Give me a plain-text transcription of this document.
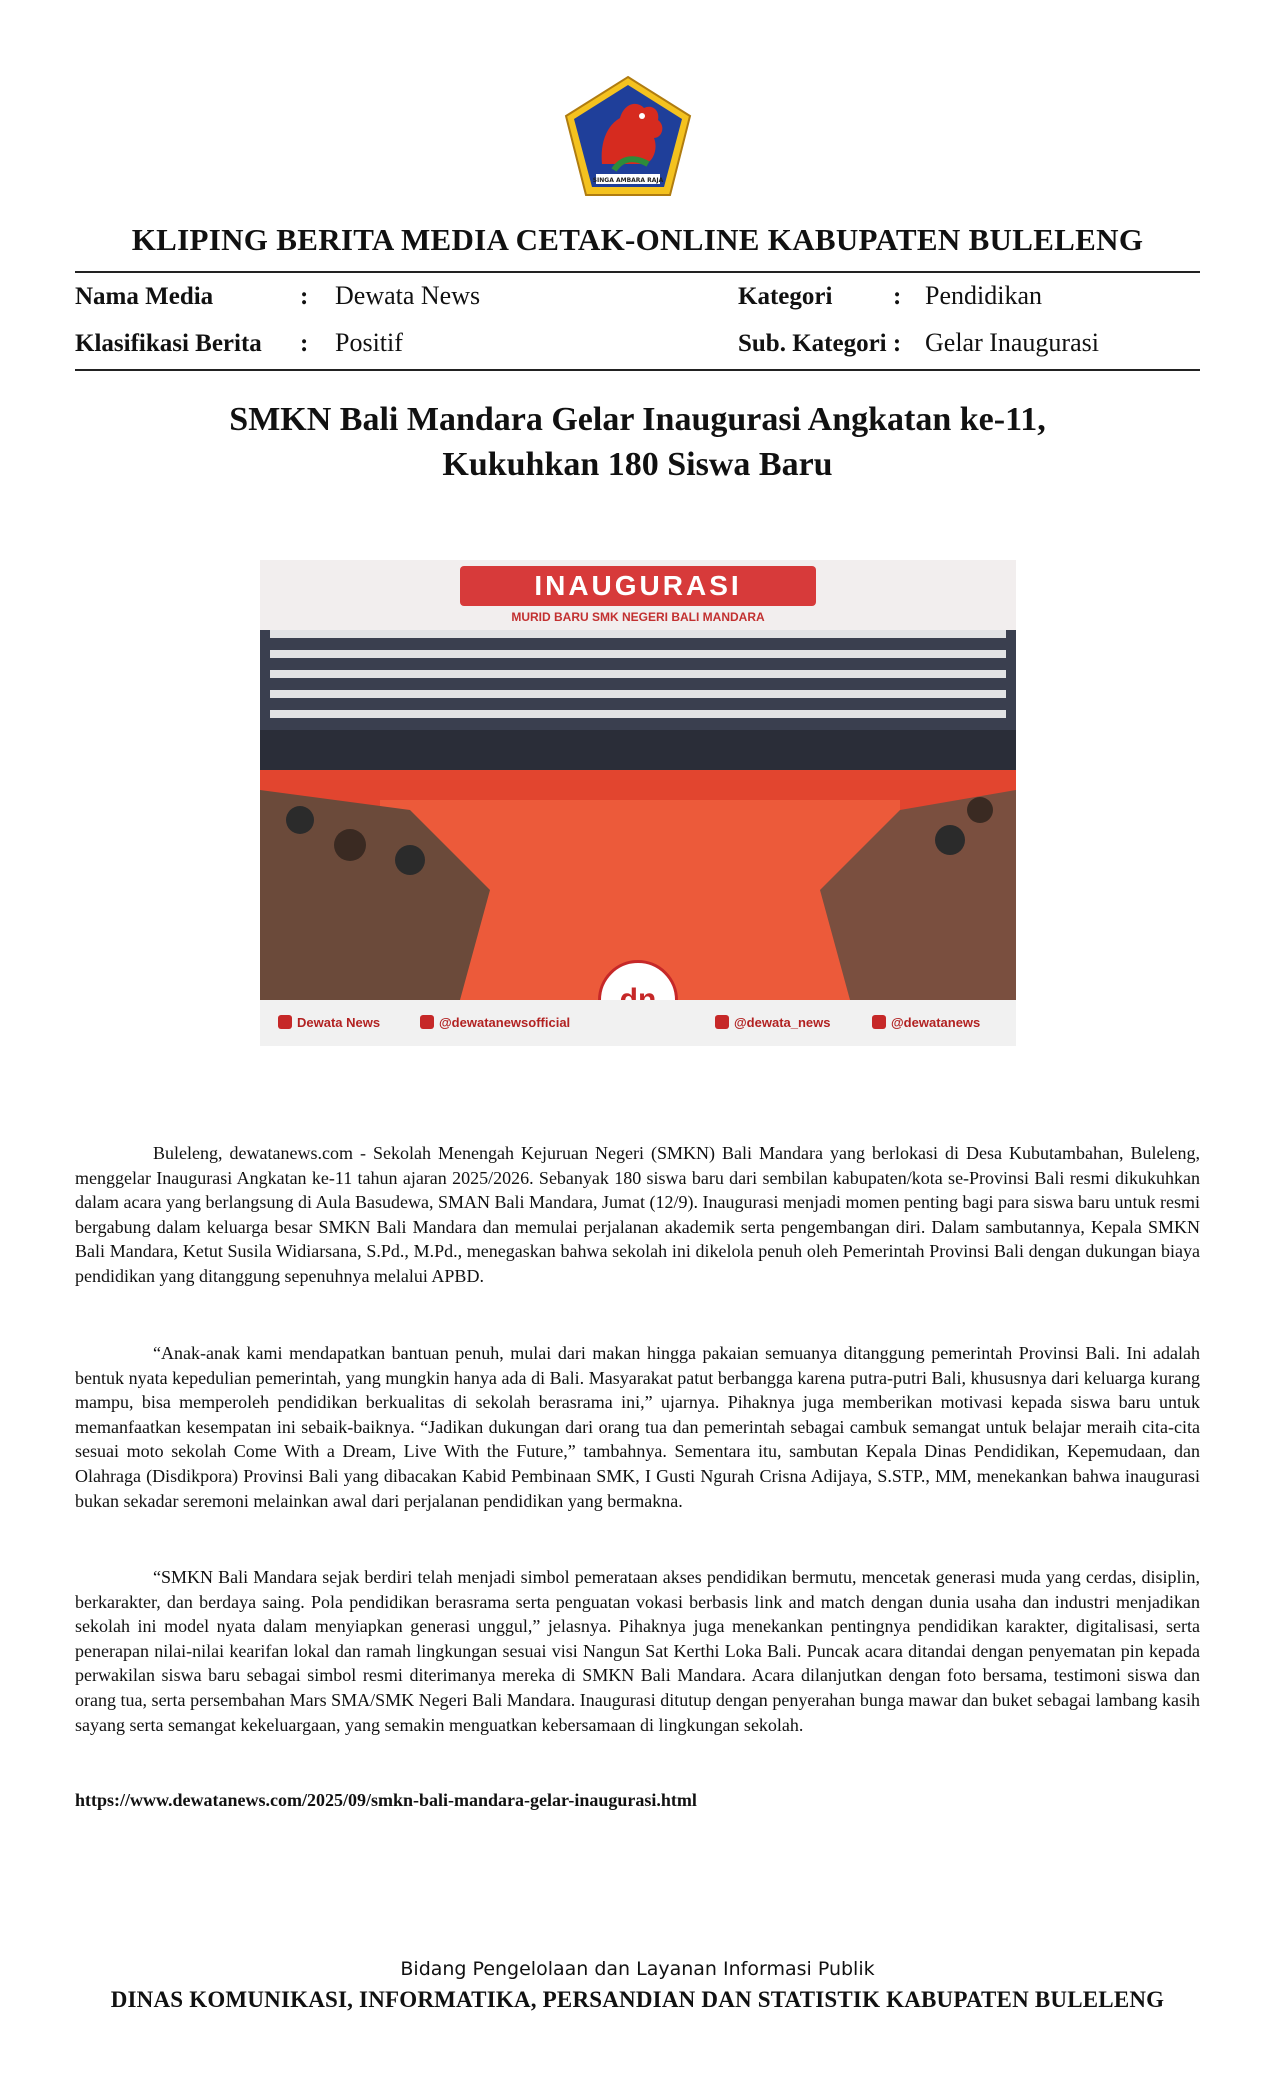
SINGA AMBARA RAJA
KLIPING BERITA MEDIA CETAK-ONLINE KABUPATEN BULELENG
Nama Media	: Dewata News
Klasifikasi Berita : Positif
Kategori : Pendidikan
Sub. Kategori : Gelar Inaugurasi
SMKN Bali Mandara Gelar Inaugurasi Angkatan ke-11,
Kukuhkan 180 Siswa Baru
INAUGURASI
MURID BARU SMK NEGERI BALI MANDARA
Dewata News	@dewatanewsofficial	@dewata_news	@dewatanews

Buleleng, dewatanews.com - Sekolah Menengah Kejuruan Negeri (SMKN) Bali Mandara yang berlokasi di Desa Kubutambahan, Buleleng, menggelar Inaugurasi Angkatan ke-11 tahun ajaran 2025/2026. Sebanyak 180 siswa baru dari sembilan kabupaten/kota se-Provinsi Bali resmi dikukuhkan dalam acara yang berlangsung di Aula Basudewa, SMAN Bali Mandara, Jumat (12/9). Inaugurasi menjadi momen penting bagi para siswa baru untuk resmi bergabung dalam keluarga besar SMKN Bali Mandara dan memulai perjalanan akademik serta pengembangan diri. Dalam sambutannya, Kepala SMKN Bali Mandara, Ketut Susila Widiarsana, S.Pd., M.Pd., menegaskan bahwa sekolah ini dikelola penuh oleh Pemerintah Provinsi Bali dengan dukungan biaya pendidikan yang ditanggung sepenuhnya melalui APBD.

“Anak-anak kami mendapatkan bantuan penuh, mulai dari makan hingga pakaian semuanya ditanggung pemerintah Provinsi Bali. Ini adalah bentuk nyata kepedulian pemerintah, yang mungkin hanya ada di Bali. Masyarakat patut berbangga karena putra-putri Bali, khususnya dari keluarga kurang mampu, bisa memperoleh pendidikan berkualitas di sekolah berasrama ini,” ujarnya. Pihaknya juga memberikan motivasi kepada siswa baru untuk memanfaatkan kesempatan ini sebaik-baiknya. “Jadikan dukungan dari orang tua dan pemerintah sebagai cambuk semangat untuk belajar meraih cita-cita sesuai moto sekolah Come With a Dream, Live With the Future,” tambahnya. Sementara itu, sambutan Kepala Dinas Pendidikan, Kepemudaan, dan Olahraga (Disdikpora) Provinsi Bali yang dibacakan Kabid Pembinaan SMK, I Gusti Ngurah Crisna Adijaya, S.STP., MM, menekankan bahwa inaugurasi bukan sekadar seremoni melainkan awal dari perjalanan pendidikan yang bermakna.

“SMKN Bali Mandara sejak berdiri telah menjadi simbol pemerataan akses pendidikan bermutu, mencetak generasi muda yang cerdas, disiplin, berkarakter, dan berdaya saing. Pola pendidikan berasrama serta penguatan vokasi berbasis link and match dengan dunia usaha dan industri menjadikan sekolah ini model nyata dalam menyiapkan generasi unggul,” jelasnya. Pihaknya juga menekankan pentingnya pendidikan karakter, digitalisasi, serta penerapan nilai-nilai kearifan lokal dan ramah lingkungan sesuai visi Nangun Sat Kerthi Loka Bali. Puncak acara ditandai dengan penyematan pin kepada perwakilan siswa baru sebagai simbol resmi diterimanya mereka di SMKN Bali Mandara. Acara dilanjutkan dengan foto bersama, testimoni siswa dan orang tua, serta persembahan Mars SMA/SMK Negeri Bali Mandara. Inaugurasi ditutup dengan penyerahan bunga mawar dan buket sebagai lambang kasih sayang serta semangat kekeluargaan, yang semakin menguatkan kebersamaan di lingkungan sekolah.

https://www.dewatanews.com/2025/09/smkn-bali-mandara-gelar-inaugurasi.html
Bidang Pengelolaan dan Layanan Informasi Publik
DINAS KOMUNIKASI, INFORMATIKA, PERSANDIAN DAN STATISTIK KABUPATEN BULELENG
